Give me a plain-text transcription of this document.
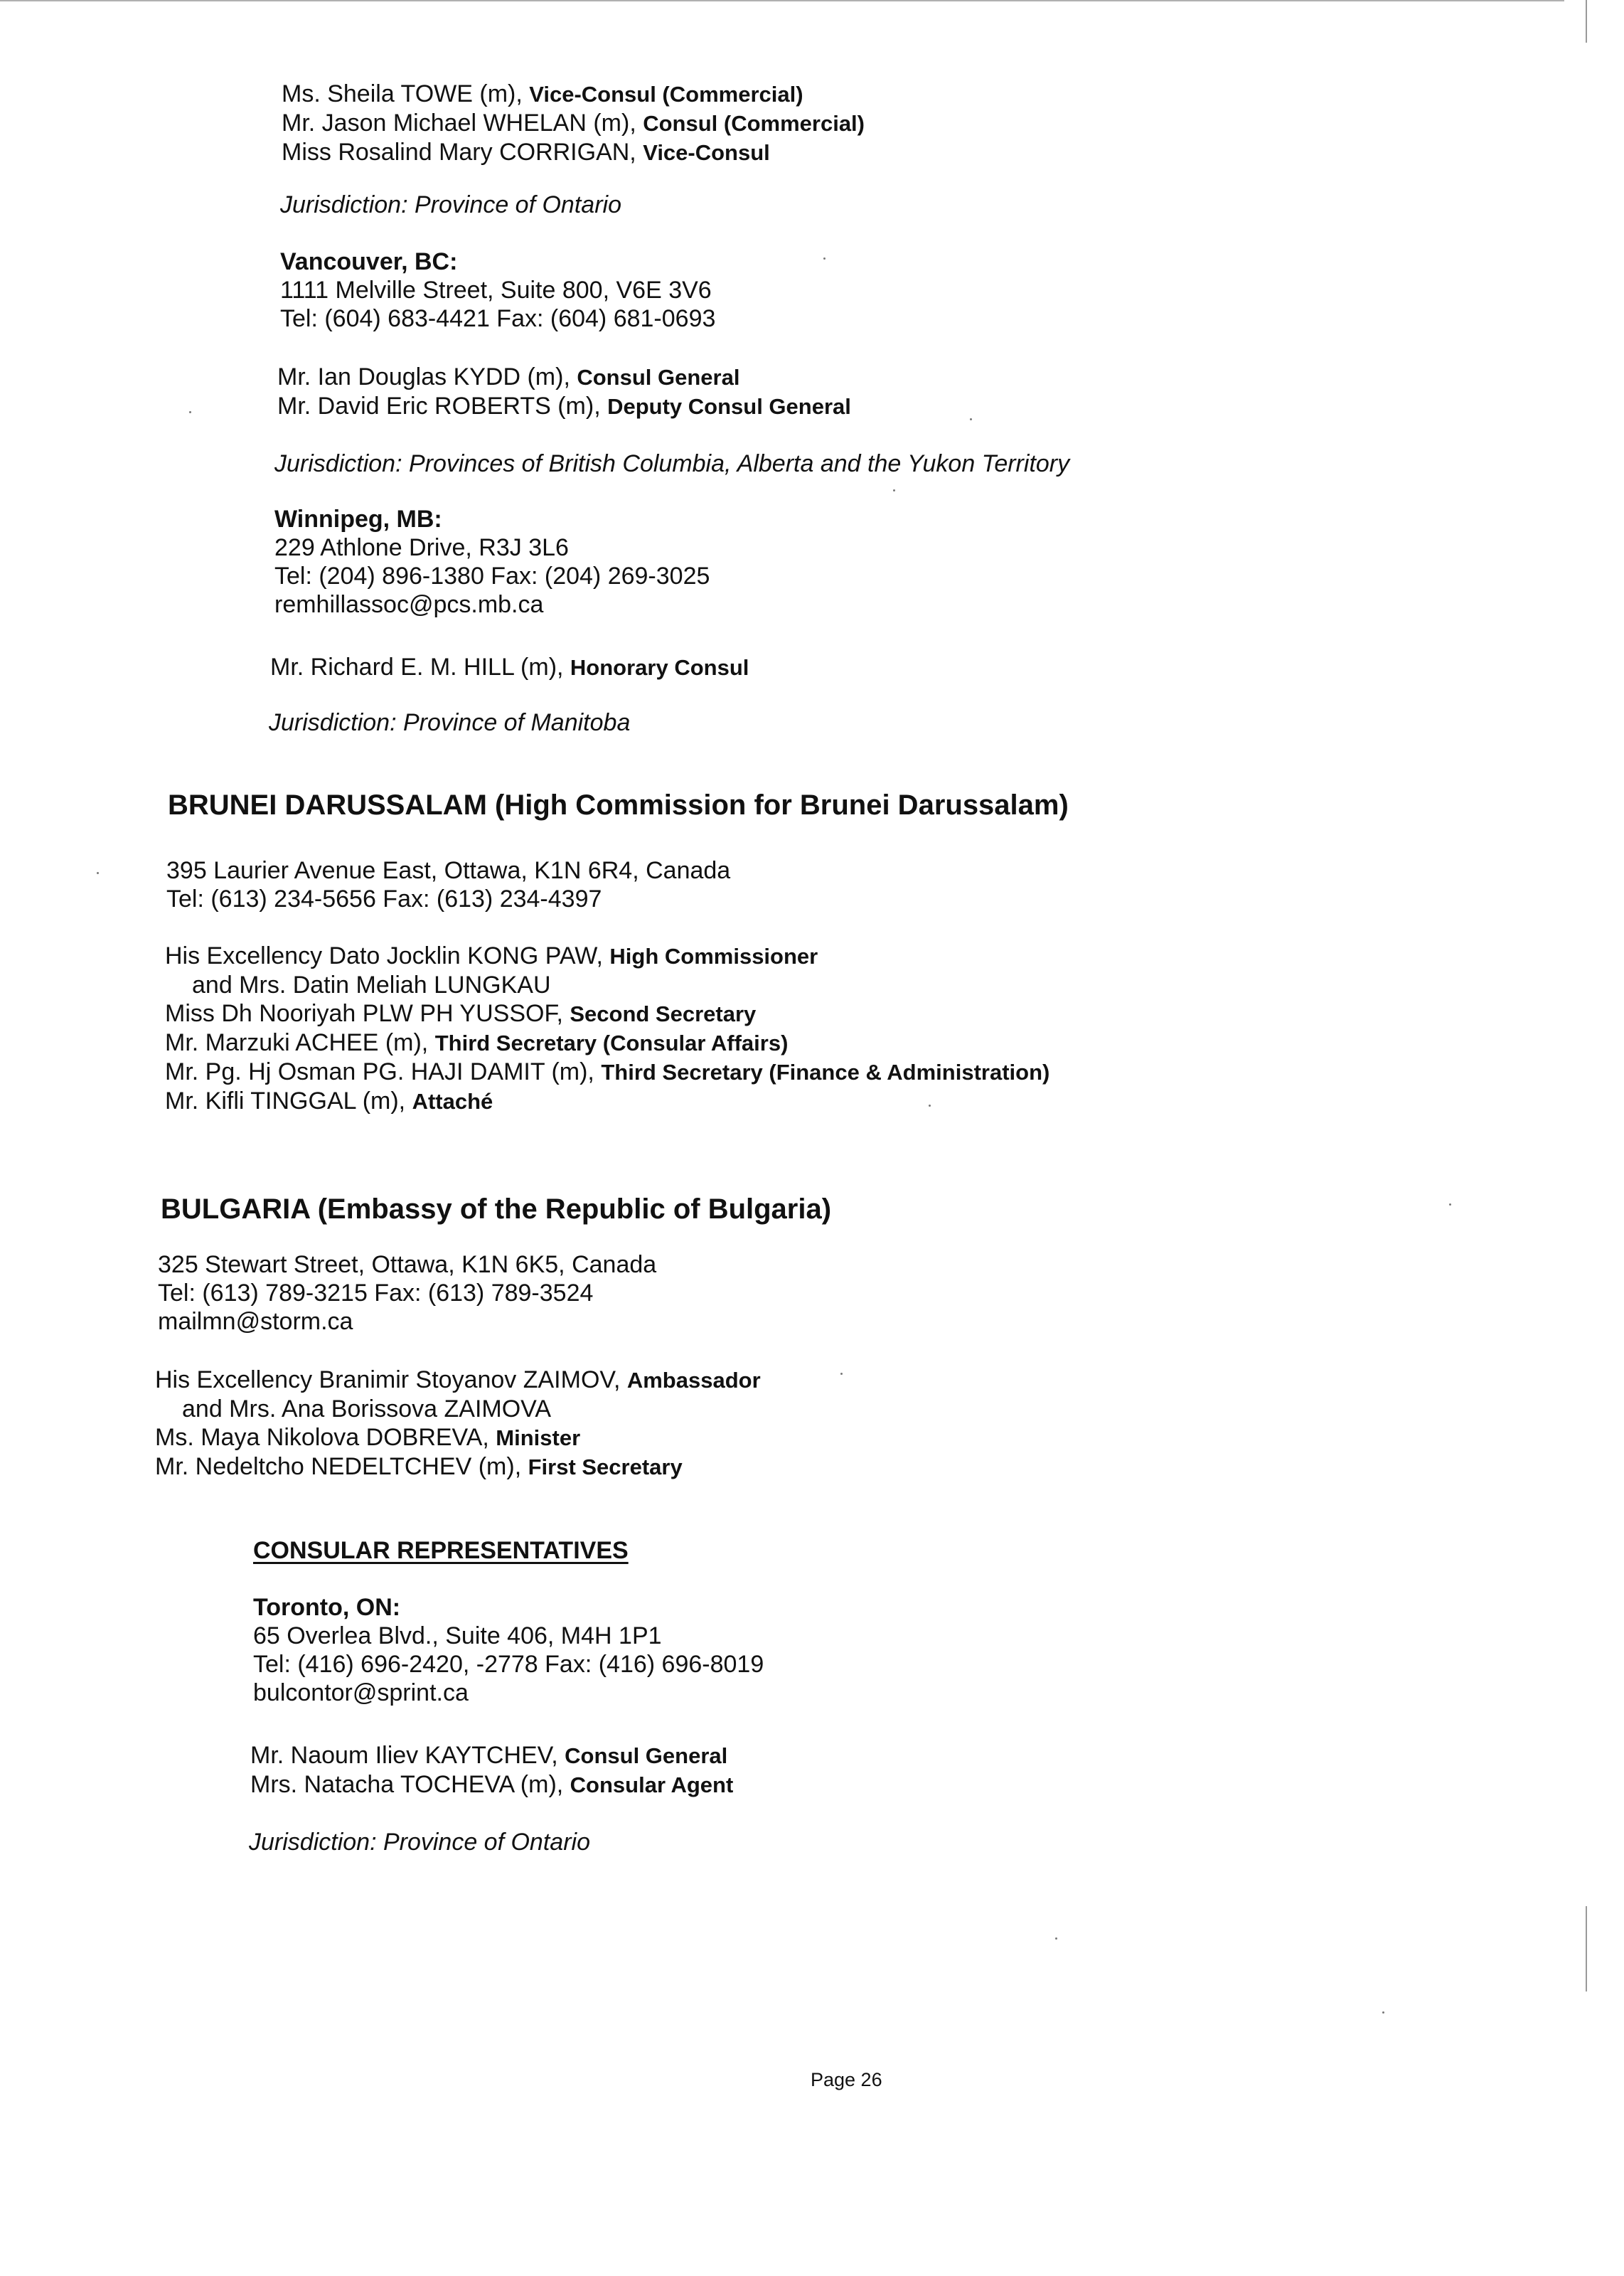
Ms. Sheila TOWE (m), Vice-Consul (Commercial)
Mr. Jason Michael WHELAN (m), Consul (Commercial)
Miss Rosalind Mary CORRIGAN, Vice-Consul
Jurisdiction: Province of Ontario
Vancouver, BC:
1111 Melville Street, Suite 800, V6E 3V6
Tel: (604) 683-4421 Fax: (604) 681-0693
Mr. Ian Douglas KYDD (m), Consul General
Mr. David Eric ROBERTS (m), Deputy Consul General
Jurisdiction: Provinces of British Columbia, Alberta and the Yukon Territory
Winnipeg, MB:
229 Athlone Drive, R3J 3L6
Tel: (204) 896-1380 Fax: (204) 269-3025
remhillassoc@pcs.mb.ca
Mr. Richard E. M. HILL (m), Honorary Consul
Jurisdiction: Province of Manitoba
BRUNEI DARUSSALAM (High Commission for Brunei Darussalam)
395 Laurier Avenue East, Ottawa, K1N 6R4, Canada
Tel: (613) 234-5656 Fax: (613) 234-4397
His Excellency Dato Jocklin KONG PAW, High Commissioner
and Mrs. Datin Meliah LUNGKAU
Miss Dh Nooriyah PLW PH YUSSOF, Second Secretary
Mr. Marzuki ACHEE (m), Third Secretary (Consular Affairs)
Mr. Pg. Hj Osman PG. HAJI DAMIT (m), Third Secretary (Finance & Administration)
Mr. Kifli TINGGAL (m), Attaché
BULGARIA (Embassy of the Republic of Bulgaria)
325 Stewart Street, Ottawa, K1N 6K5, Canada
Tel: (613) 789-3215 Fax: (613) 789-3524
mailmn@storm.ca
His Excellency Branimir Stoyanov ZAIMOV, Ambassador
and Mrs. Ana Borissova ZAIMOVA
Ms. Maya Nikolova DOBREVA, Minister
Mr. Nedeltcho NEDELTCHEV (m), First Secretary
CONSULAR REPRESENTATIVES
Toronto, ON:
65 Overlea Blvd., Suite 406, M4H 1P1
Tel: (416) 696-2420, -2778 Fax: (416) 696-8019
bulcontor@sprint.ca
Mr. Naoum Iliev KAYTCHEV, Consul General
Mrs. Natacha TOCHEVA (m), Consular Agent
Jurisdiction: Province of Ontario
Page 26
